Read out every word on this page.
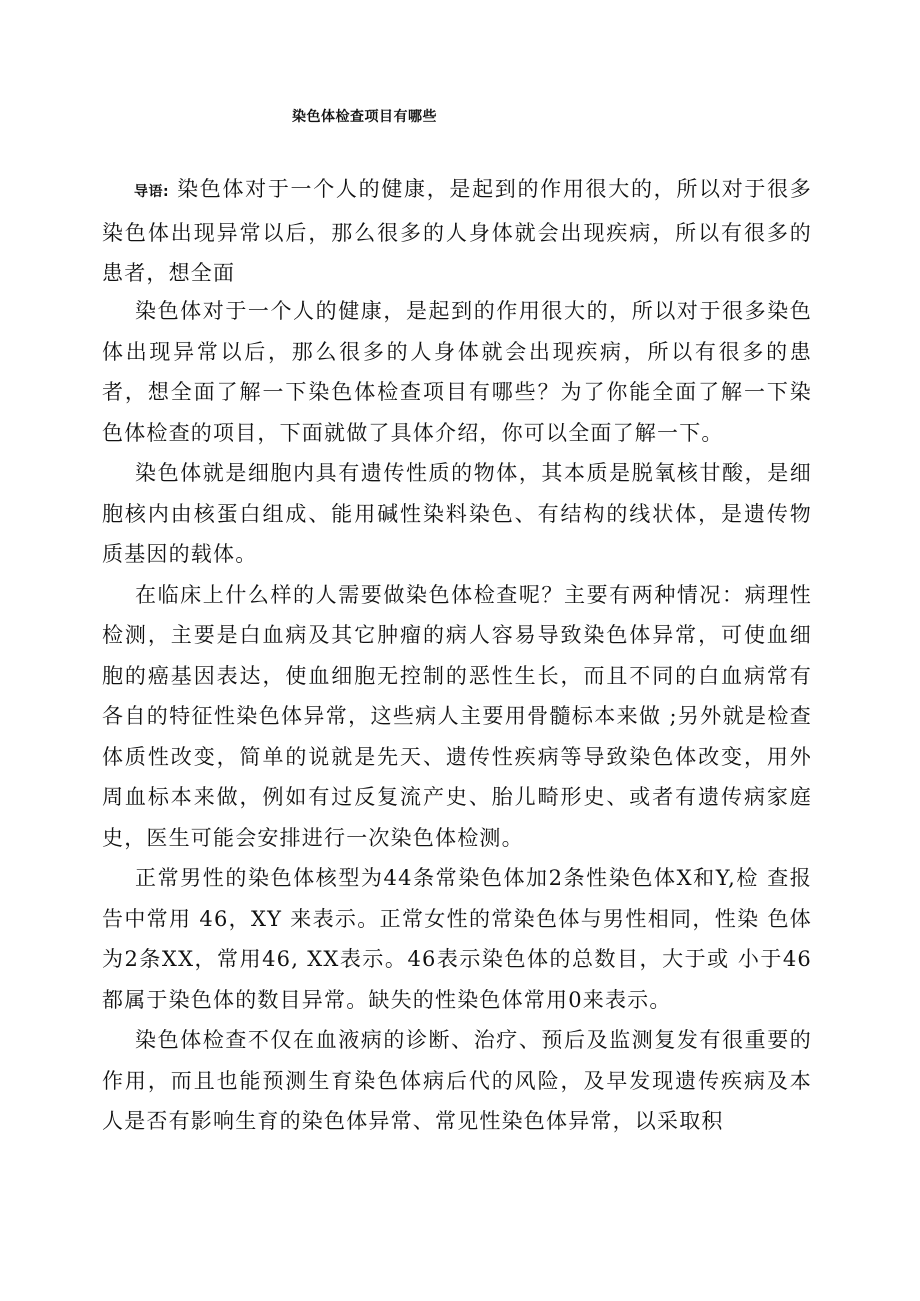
染色体检查项目有哪些

导语: 染色体对于一个人的健康，是起到的作用很大的，所以对于很多染色体出现异常以后，那么很多的人身体就会出现疾病，所以有很多的患者，想全面

染色体对于一个人的健康，是起到的作用很大的，所以对于很多染色体出现异常以后，那么很多的人身体就会出现疾病，所以有很多的患者，想全面了解一下染色体检查项目有哪些？为了你能全面了解一下染色体检查的项目，下面就做了具体介绍，你可以全面了解一下。

染色体就是细胞内具有遗传性质的物体，其本质是脱氧核甘酸，是细胞核内由核蛋白组成、能用碱性染料染色、有结构的线状体，是遗传物质基因的载体。

在临床上什么样的人需要做染色体检查呢？主要有两种情况：病理性检测，主要是白血病及其它肿瘤的病人容易导致染色体异常，可使血细胞的癌基因表达，使血细胞无控制的恶性生长，而且不同的白血病常有各自的特征性染色体异常，这些病人主要用骨髓标本来做 ;另外就是检查体质性改变，简单的说就是先天、遗传性疾病等导致染色体改变，用外周血标本来做，例如有过反复流产史、胎儿畸形史、或者有遗传病家庭史，医生可能会安排进行一次染色体检测。

正常男性的染色体核型为44条常染色体加2条性染色体X和Y,检 查报告中常用 46，XY 来表示。正常女性的常染色体与男性相同，性染 色体为2条XX，常用46, XX表示。46表示染色体的总数目，大于或 小于46都属于染色体的数目异常。缺失的性染色体常用0来表示。

染色体检查不仅在血液病的诊断、治疗、预后及监测复发有很重要的作用，而且也能预测生育染色体病后代的风险，及早发现遗传疾病及本人是否有影响生育的染色体异常、常见性染色体异常，以采取积
